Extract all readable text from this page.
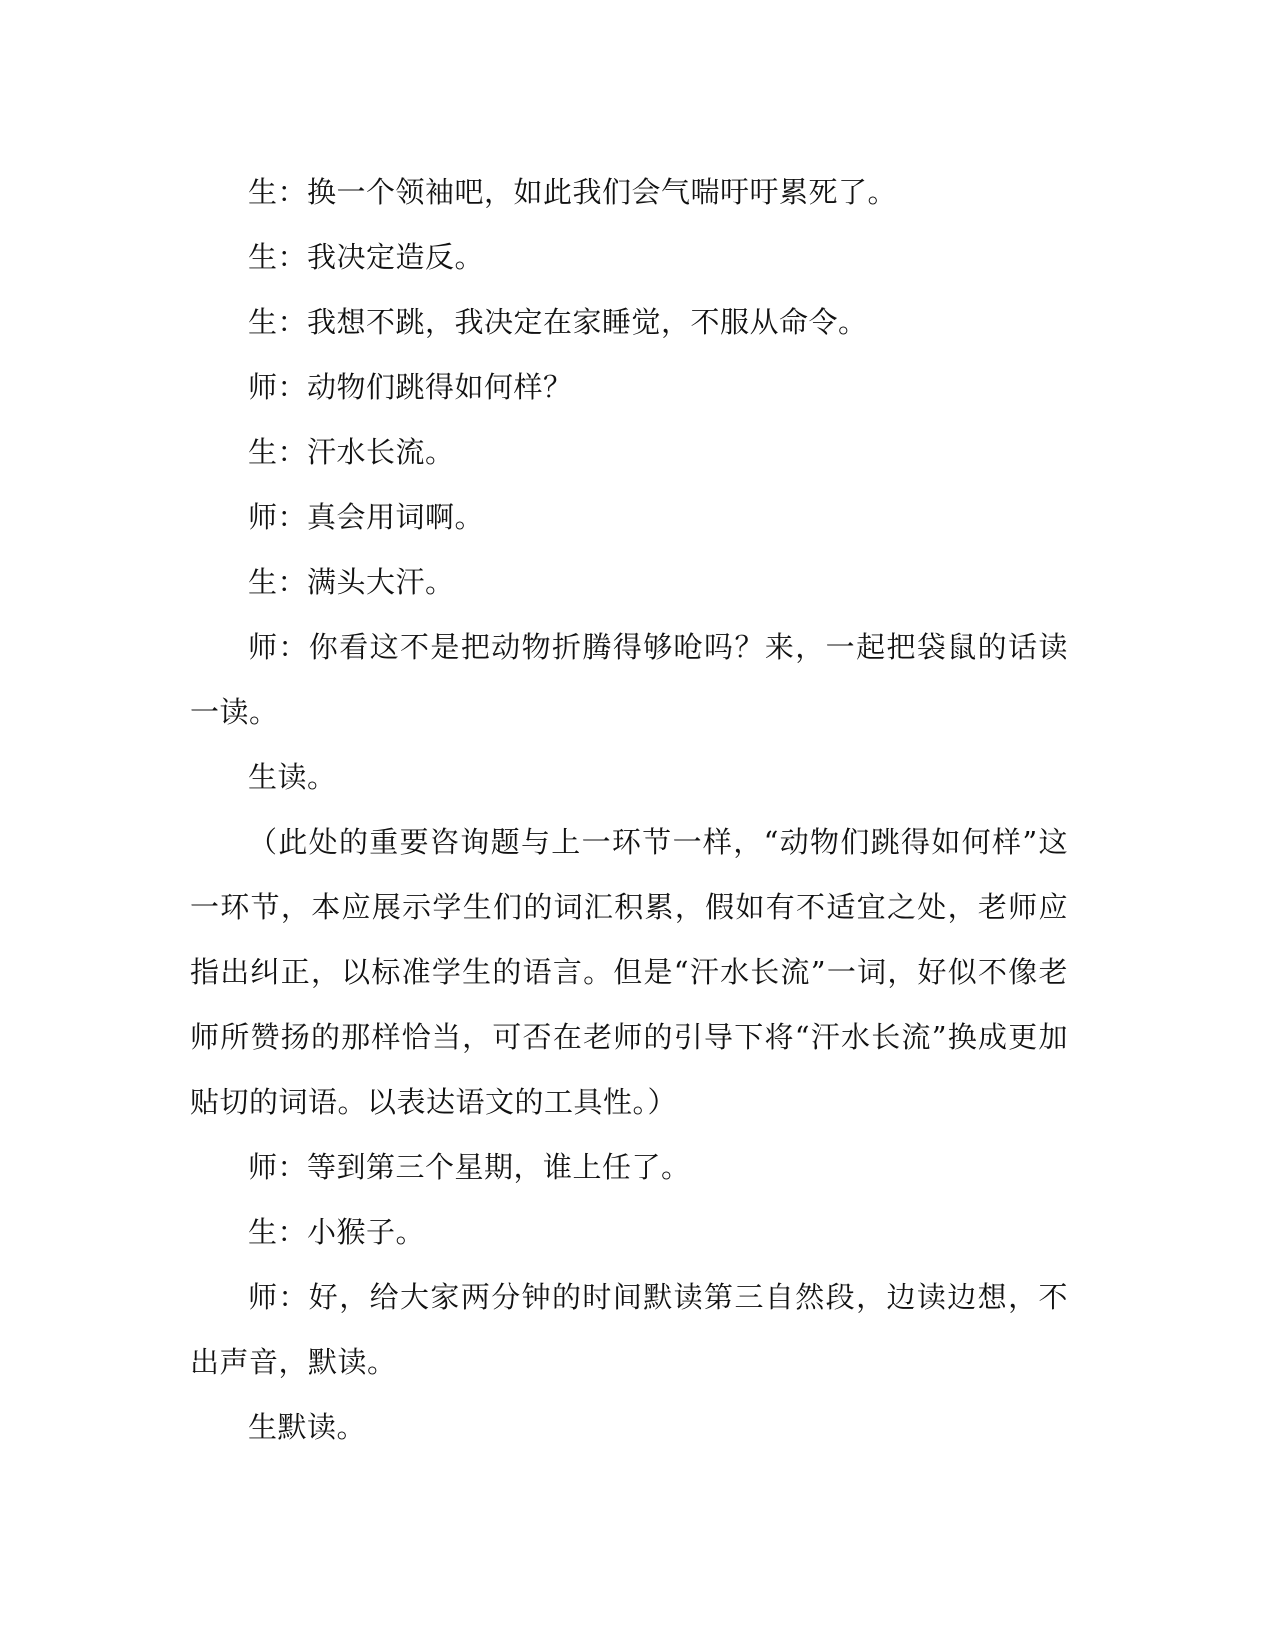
生：换一个领袖吧，如此我们会气喘吁吁累死了。

生：我决定造反。

生：我想不跳，我决定在家睡觉，不服从命令。

师：动物们跳得如何样？

生：汗水长流。

师：真会用词啊。

生：满头大汗。

师：你看这不是把动物折腾得够呛吗？来，一起把袋鼠的话读一读。

生读。

（此处的重要咨询题与上一环节一样，“动物们跳得如何样”这一环节，本应展示学生们的词汇积累，假如有不适宜之处，老师应指出纠正，以标准学生的语言。但是“汗水长流”一词，好似不像老师所赞扬的那样恰当，可否在老师的引导下将“汗水长流”换成更加贴切的词语。以表达语文的工具性。）

师：等到第三个星期，谁上任了。

生：小猴子。

师：好，给大家两分钟的时间默读第三自然段，边读边想，不出声音，默读。

生默读。
